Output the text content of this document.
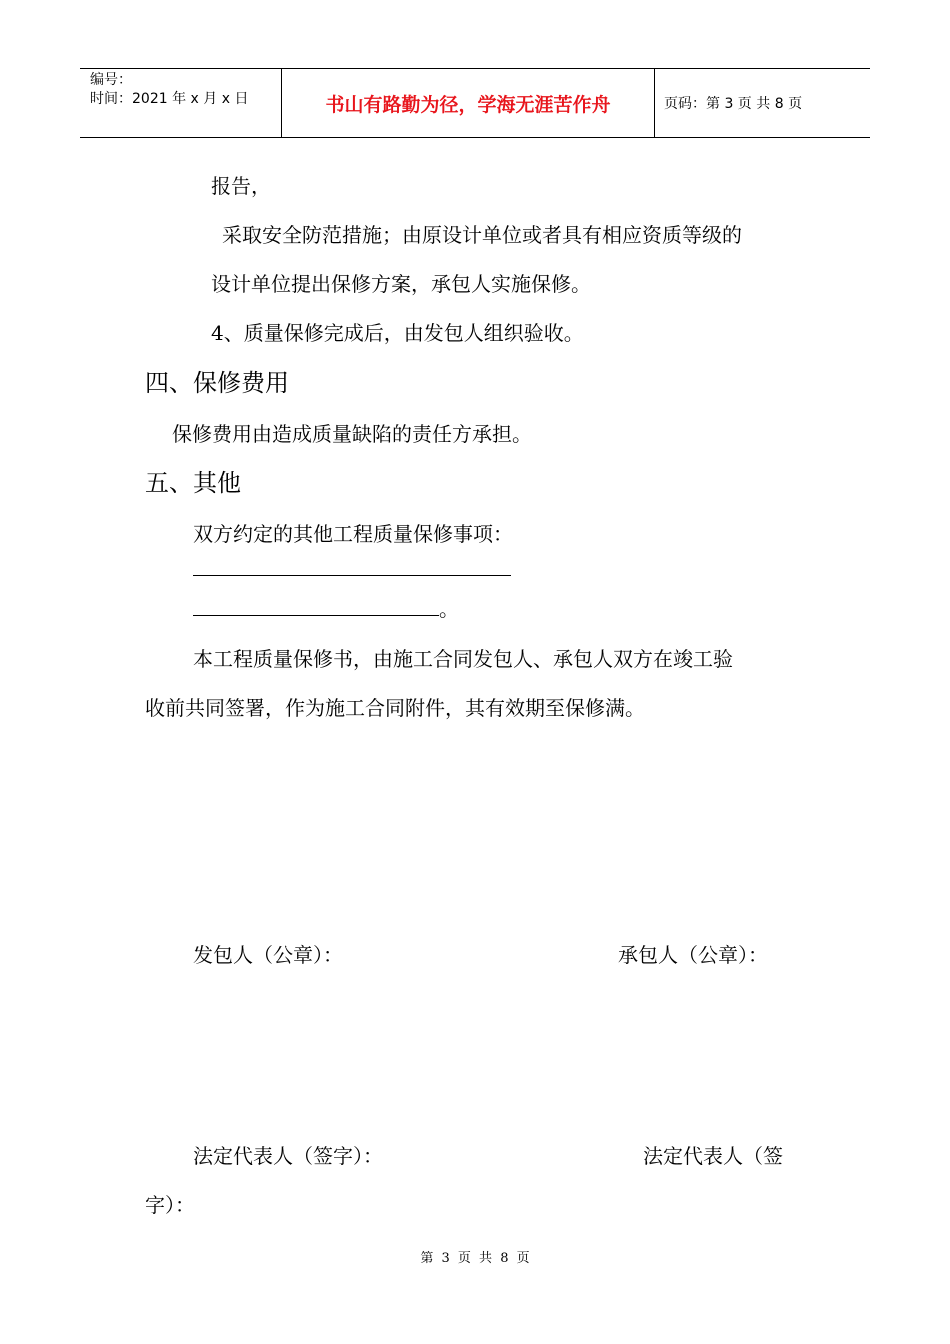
编号：
时间：2021 年 x 月 x 日	书山有路勤为径，学海无涯苦作舟	页码：第 3 页 共 8 页
报告，
采取安全防范措施；由原设计单位或者具有相应资质等级的
设计单位提出保修方案，承包人实施保修。
4、质量保修完成后，由发包人组织验收。
四、保修费用
保修费用由造成质量缺陷的责任方承担。
五、其他
双方约定的其他工程质量保修事项：
。
本工程质量保修书，由施工合同发包人、承包人双方在竣工验
收前共同签署，作为施工合同附件，其有效期至保修满。
发包人（公章）：	承包人（公章）：
法定代表人（签字）：	法定代表人（签
字）：
第 3 页 共 8 页
